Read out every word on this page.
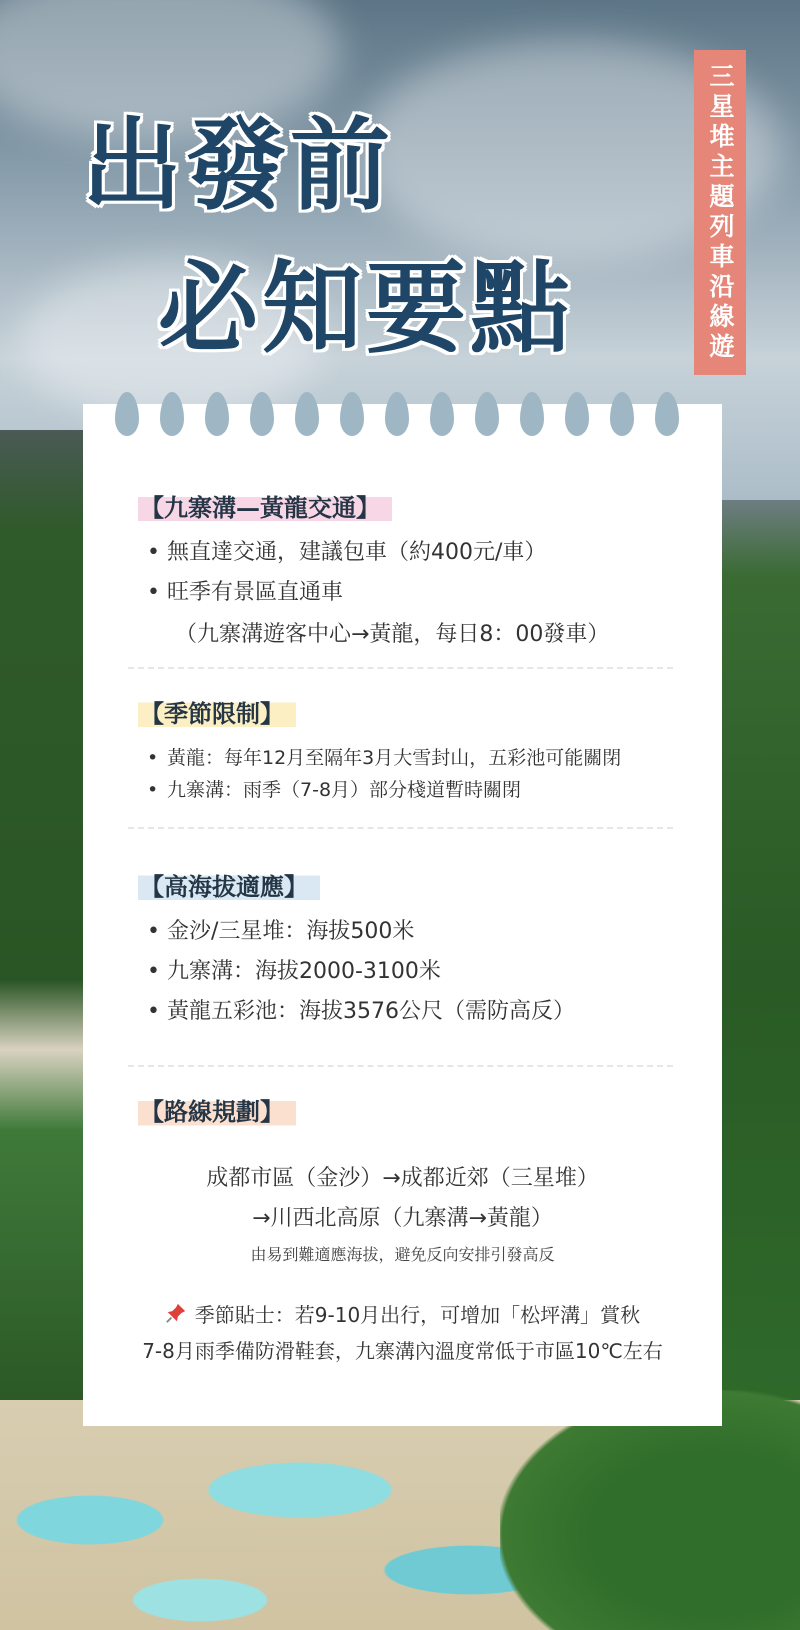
出發前
必知要點	三星堆主題列車沿線遊
【九寨溝—黃龍交通】
• 無直達交通，建議包車（約400元/車）
• 旺季有景區直通車
（九寨溝遊客中心→黃龍，每日8：00發車）
【季節限制】
• 黃龍：每年12月至隔年3月大雪封山，五彩池可能關閉
• 九寨溝：雨季（7-8月）部分棧道暫時關閉
【高海拔適應】
• 金沙/三星堆：海拔500米
• 九寨溝：海拔2000-3100米
• 黃龍五彩池：海拔3576公尺（需防高反）
【路線規劃】
成都市區（金沙）→成都近郊（三星堆）
→川西北高原（九寨溝→黃龍）
由易到難適應海拔，避免反向安排引發高反
季節貼士：若9-10月出行，可增加「松坪溝」賞秋
7-8月雨季備防滑鞋套，九寨溝內溫度常低于市區10℃左右
